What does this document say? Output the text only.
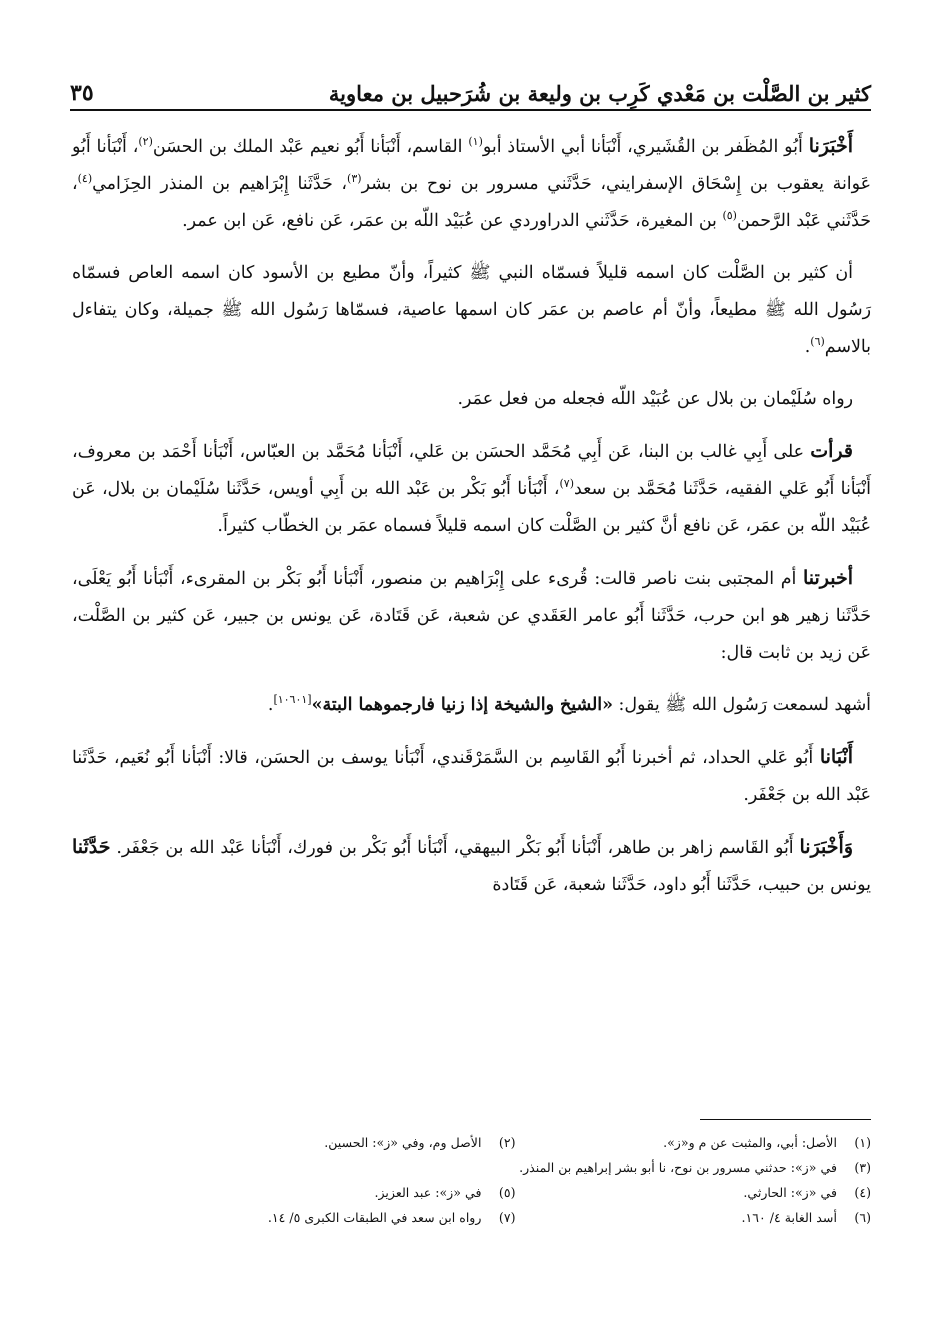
كثير بن الصَّلْت بن مَعْدي كَرِب بن وليعة بن شُرَحبيل بن معاوية
٣٥

أَخْبَرَنا أَبُو المُظَفر بن القُشَيري، أَنْبَأنا أبي الأستاذ أبو$^{(١)}$ القاسم، أَنْبَأنا أَبُو نعيم عَبْد الملك بن الحسَن$^{(٢)}$، أَنْبَأنا أَبُو عَوانة يعقوب بن إِسْحَاق الإسفرايني، حَدَّثَني مسرور بن نوح بن بشر$^{(٣)}$، حَدَّثَنا إِبْرَاهيم بن المنذر الحِزَامي$^{(٤)}$، حَدَّثَني عَبْد الرَّحمن$^{(٥)}$ بن المغيرة، حَدَّثَني الدراوردي عن عُبَيْد اللّه بن عمَر، عَن نافع، عَن ابن عمر.

أن كثير بن الصَّلْت كان اسمه قليلاً فسمّاه النبي ﷺ كثيراً، وأنّ مطيع بن الأسود كان اسمه العاص فسمّاه رَسُول الله ﷺ مطيعاً، وأنّ أم عاصم بن عمَر كان اسمها عاصية، فسمّاها رَسُول الله ﷺ جميلة، وكان يتفاءل بالاسم$^{(٦)}$.

رواه سُلَيْمان بن بلال عن عُبَيْد اللّه فجعله من فعل عمَر.

قرأت على أَبِي غالب بن البنا، عَن أَبِي مُحَمَّد الحسَن بن عَلي، أَنْبَأنا مُحَمَّد بن العبّاس، أَنْبَأنا أَحْمَد بن معروف، أَنْبَأنا أَبُو عَلي الفقيه، حَدَّثَنا مُحَمَّد بن سعد$^{(٧)}$، أَنْبَأنا أَبُو بَكْر بن عَبْد الله بن أَبِي أويس، حَدَّثَنا سُلَيْمان بن بلال، عَن عُبَيْد اللّه بن عمَر، عَن نافع أنَّ كثير بن الصَّلْت كان اسمه قليلاً فسماه عمَر بن الخطّاب كثيراً.

أخبرتنا أم المجتبى بنت ناصر قالت: قُرىء على إِبْرَاهيم بن منصور، أَنْبَأنا أَبُو بَكْر بن المقرىء، أَنْبَأنا أَبُو يَعْلَى، حَدَّثَنا زهير هو ابن حرب، حَدَّثَنا أَبُو عامر العَقَدي عن شعبة، عَن قَتَادة، عَن يونس بن جبير، عَن كثير بن الصَّلْت، عَن زيد بن ثابت قال:

أشهد لسمعت رَسُول الله ﷺ يقول: «الشيخ والشيخة إذا زنيا فارجموهما البتة»[١٠٦٠١].

أَنْبَانا أَبُو عَلي الحداد، ثم أخبرنا أَبُو القَاسِم بن السَّمَرْقَندي، أَنْبَأنا يوسف بن الحسَن، قالا: أَنْبَأنا أَبُو نُعَيم، حَدَّثَنا عَبْد الله بن جَعْفَر.

وَأَخْبَرَنا أَبُو القَاسم زاهر بن طاهر، أَنْبَأنا أَبُو بَكْر البيهقي، أَنْبَأنا أَبُو بَكْر بن فورك، أَنْبَأنا عَبْد الله بن جَعْفَر. حَدَّثَنا يونس بن حبيب، حَدَّثَنا أَبُو داود، حَدَّثَنا شعبة، عَن قَتَادة

(١) الأصل: أبي، والمثبت عن م و«ز».
(٢) الأصل وم، وفي «ز»: الحسين.
(٣) في «ز»: حدثني مسرور بن نوح، نا أبو بشر إبراهيم بن المنذر.
(٤) في «ز»: الحارثي.
(٥) في «ز»: عبد العزيز.
(٦) أسد الغابة ٤/ ١٦٠.
(٧) رواه ابن سعد في الطبقات الكبرى ٥/ ١٤.
